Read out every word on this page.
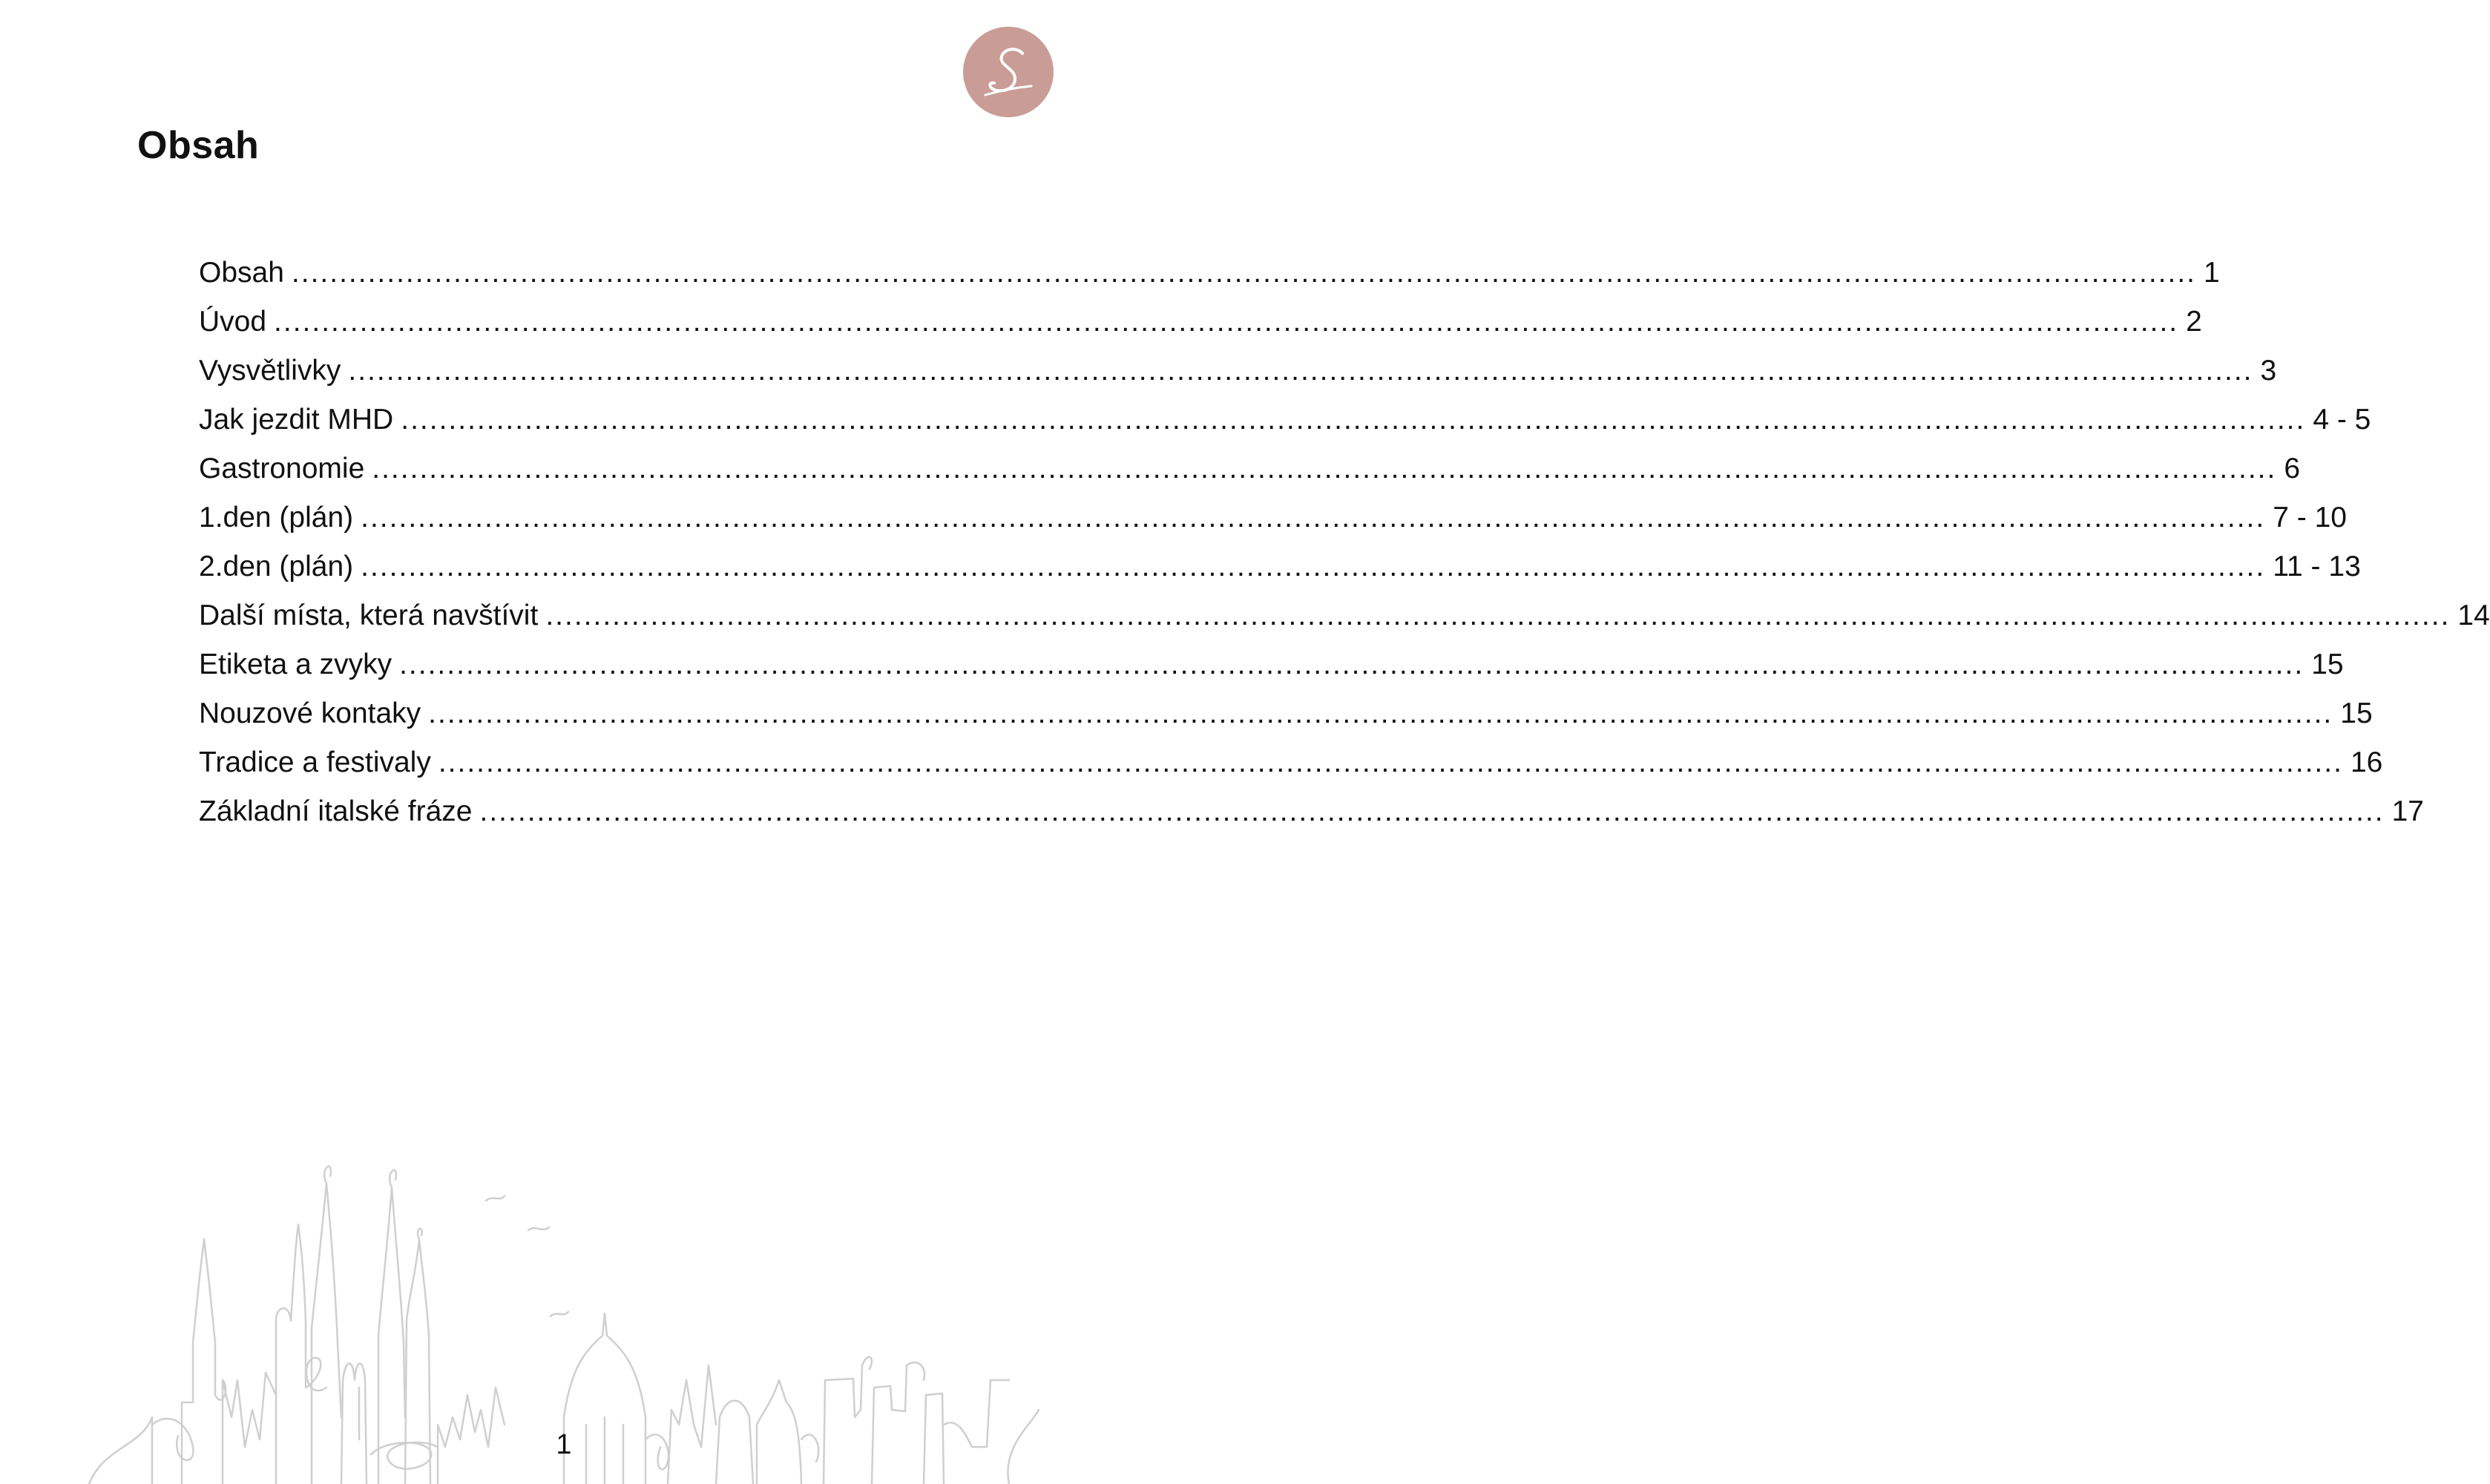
Obsah
Obsah ........................................................................................................................................................................................................ 1
Úvod ........................................................................................................................................................................................................ 2
Vysvětlivky ........................................................................................................................................................................................................ 3
Jak jezdit MHD ........................................................................................................................................................................................................ 4 - 5
Gastronomie ........................................................................................................................................................................................................ 6
1.den (plán) ........................................................................................................................................................................................................ 7 - 10
2.den (plán) ........................................................................................................................................................................................................ 11 - 13
Další místa, která navštívit ........................................................................................................................................................................................................ 14
Etiketa a zvyky ........................................................................................................................................................................................................ 15
Nouzové kontaky ........................................................................................................................................................................................................ 15
Tradice a festivaly ........................................................................................................................................................................................................ 16
Základní italské fráze ........................................................................................................................................................................................................ 17
1
